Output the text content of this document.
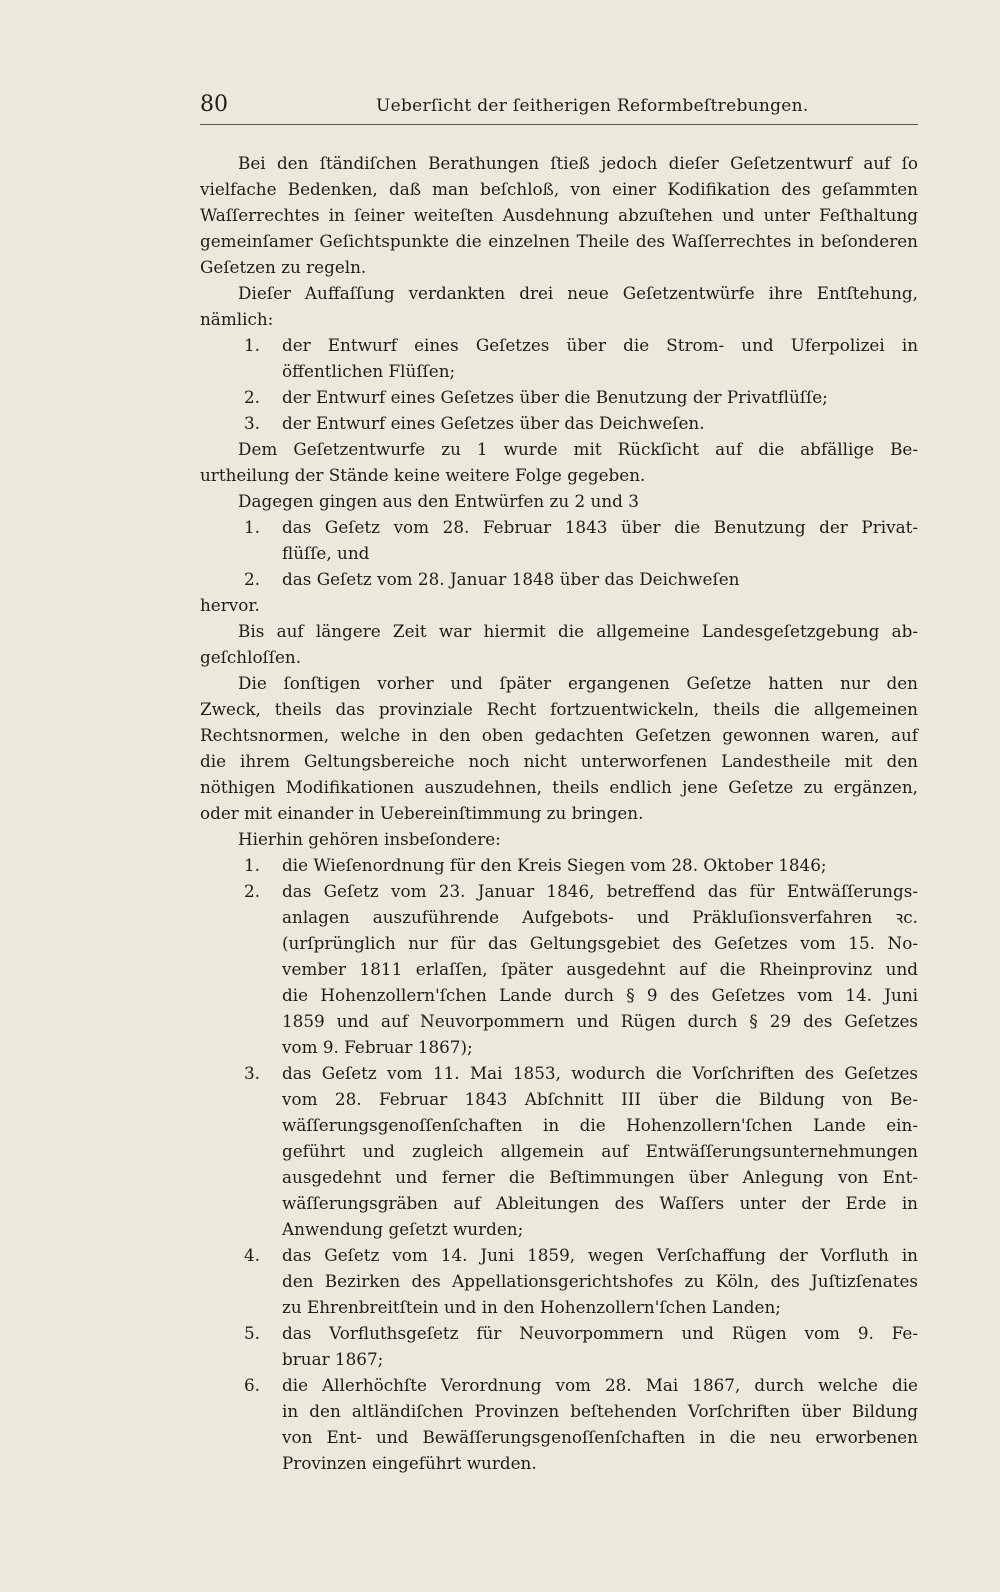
80	Ueberſicht der ſeitherigen Reformbeſtrebungen.
Bei den ſtändiſchen Berathungen ſtieß jedoch dieſer Geſetzentwurf auf ſo
vielfache Bedenken, daß man beſchloß, von einer Kodifikation des geſammten
Waſſerrechtes in ſeiner weiteſten Ausdehnung abzuſtehen und unter Feſthaltung
gemeinſamer Geſichtspunkte die einzelnen Theile des Waſſerrechtes in beſonderen
Geſetzen zu regeln.
Dieſer Auffaſſung verdankten drei neue Geſetzentwürfe ihre Entſtehung,
nämlich:
1.	der Entwurf eines Geſetzes über die Strom- und Uferpolizei in
öffentlichen Flüſſen;
2.	der Entwurf eines Geſetzes über die Benutzung der Privatflüſſe;
3.	der Entwurf eines Geſetzes über das Deichweſen.
Dem Geſetzentwurfe zu 1 wurde mit Rückſicht auf die abfällige Be-
urtheilung der Stände keine weitere Folge gegeben.
Dagegen gingen aus den Entwürfen zu 2 und 3
1.	das Geſetz vom 28. Februar 1843 über die Benutzung der Privat-
flüſſe, und
2.	das Geſetz vom 28. Januar 1848 über das Deichweſen
hervor.
Bis auf längere Zeit war hiermit die allgemeine Landesgeſetzgebung ab-
geſchloſſen.
Die ſonſtigen vorher und ſpäter ergangenen Geſetze hatten nur den
Zweck, theils das provinziale Recht fortzuentwickeln, theils die allgemeinen
Rechtsnormen, welche in den oben gedachten Geſetzen gewonnen waren, auf
die ihrem Geltungsbereiche noch nicht unterworfenen Landestheile mit den
nöthigen Modifikationen auszudehnen, theils endlich jene Geſetze zu ergänzen,
oder mit einander in Uebereinſtimmung zu bringen.
Hierhin gehören insbeſondere:
1.	die Wieſenordnung für den Kreis Siegen vom 28. Oktober 1846;
2.	das Geſetz vom 23. Januar 1846, betreffend das für Entwäſſerungs-
anlagen auszuführende Aufgebots- und Präkluſionsverfahren ꝛc.
(urſprünglich nur für das Geltungsgebiet des Geſetzes vom 15. No-
vember 1811 erlaſſen, ſpäter ausgedehnt auf die Rheinprovinz und
die Hohenzollern'ſchen Lande durch § 9 des Geſetzes vom 14. Juni
1859 und auf Neuvorpommern und Rügen durch § 29 des Geſetzes
vom 9. Februar 1867);
3.	das Geſetz vom 11. Mai 1853, wodurch die Vorſchriften des Geſetzes
vom 28. Februar 1843 Abſchnitt III über die Bildung von Be-
wäſſerungsgenoſſenſchaften in die Hohenzollern'ſchen Lande ein-
geführt und zugleich allgemein auf Entwäſſerungsunternehmungen
ausgedehnt und ferner die Beſtimmungen über Anlegung von Ent-
wäſſerungsgräben auf Ableitungen des Waſſers unter der Erde in
Anwendung geſetzt wurden;
4.	das Geſetz vom 14. Juni 1859, wegen Verſchaffung der Vorfluth in
den Bezirken des Appellationsgerichtshofes zu Köln, des Juſtizſenates
zu Ehrenbreitſtein und in den Hohenzollern'ſchen Landen;
5.	das Vorfluthsgeſetz für Neuvorpommern und Rügen vom 9. Fe-
bruar 1867;
6.	die Allerhöchſte Verordnung vom 28. Mai 1867, durch welche die
in den altländiſchen Provinzen beſtehenden Vorſchriften über Bildung
von Ent- und Bewäſſerungsgenoſſenſchaften in die neu erworbenen
Provinzen eingeführt wurden.
